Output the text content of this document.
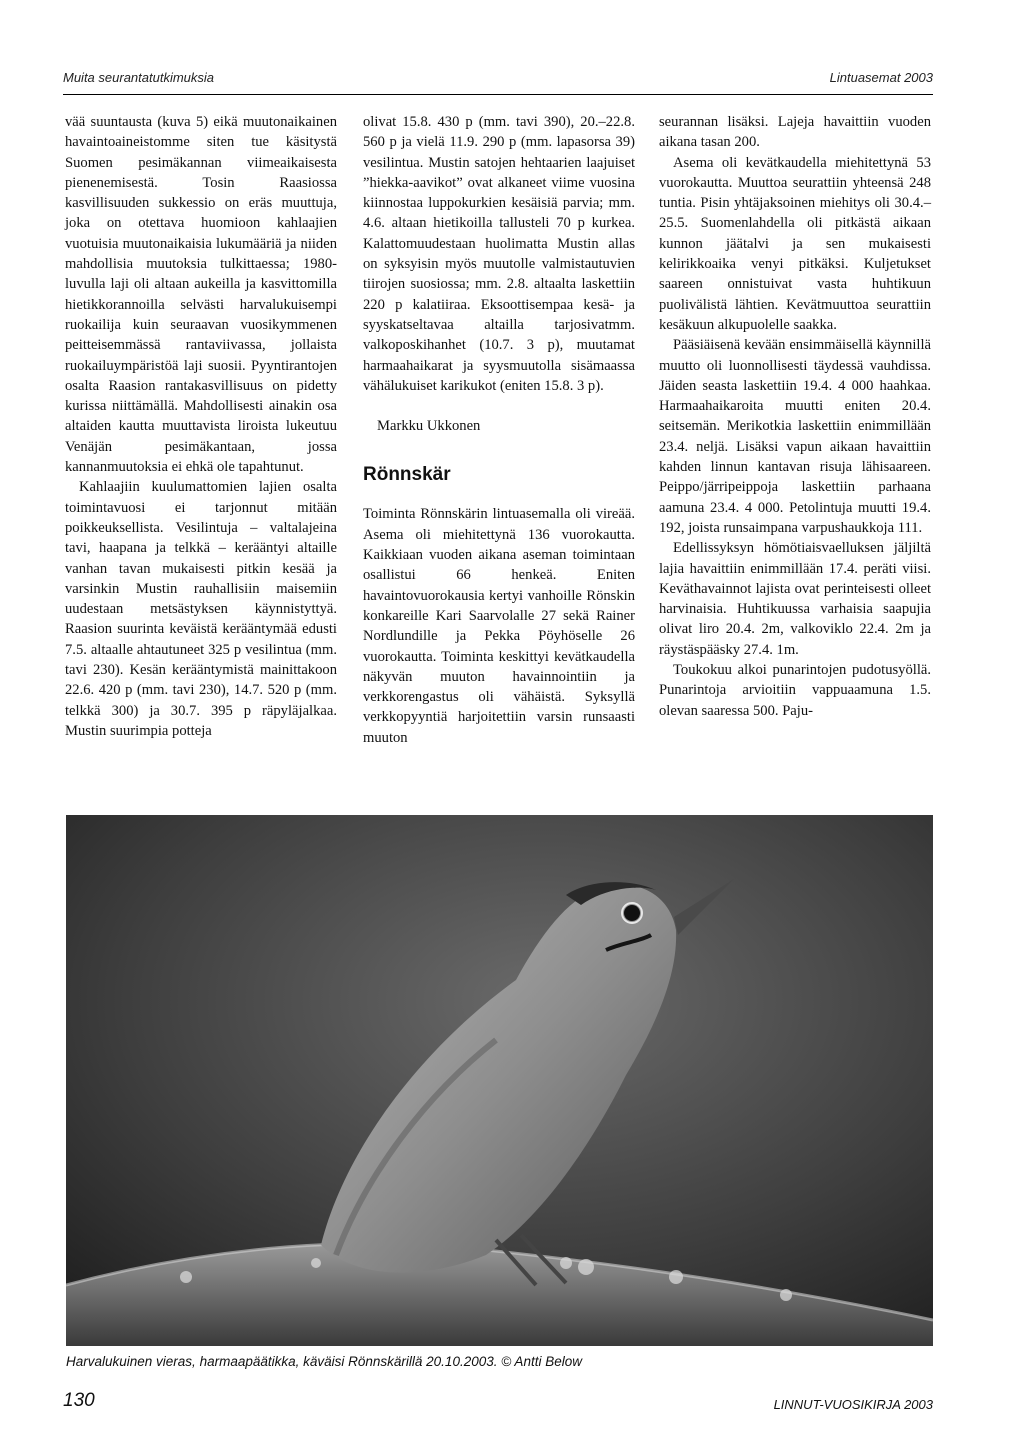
Muita seurantatutkimuksia	Lintuasemat 2003

vää suuntausta (kuva 5) eikä muutonaikainen havaintoaineistomme siten tue käsitystä Suomen pesimäkannan viimeaikaisesta pienenemisestä. Tosin Raasiossa kasvillisuuden sukkessio on eräs muuttuja, joka on otettava huomioon kahlaajien vuotuisia muutonaikaisia lukumääriä ja niiden mahdollisia muutoksia tulkittaessa; 1980-luvulla laji oli altaan aukeilla ja kasvittomilla hietikkorannoilla selvästi harvalukuisempi ruokailija kuin seuraavan vuosikymmenen peitteisemmässä rantaviivassa, jollaista ruokailuympäristöä laji suosii. Pyyntirantojen osalta Raasion rantakasvillisuus on pidetty kurissa niittämällä. Mahdollisesti ainakin osa altaiden kautta muuttavista liroista lukeutuu Venäjän pesimäkantaan, jossa kannanmuutoksia ei ehkä ole tapahtunut.

Kahlaajiin kuulumattomien lajien osalta toimintavuosi ei tarjonnut mitään poikkeuksellista. Vesilintuja – valtalajeina tavi, haapana ja telkkä – kerääntyi altaille vanhan tavan mukaisesti pitkin kesää ja varsinkin Mustin rauhallisiin maisemiin uudestaan metsästyksen käynnistyttyä. Raasion suurinta keväistä kerääntymää edusti 7.5. altaalle ahtautuneet 325 p vesilintua (mm. tavi 230). Kesän kerääntymistä mainittakoon 22.6. 420 p (mm. tavi 230), 14.7. 520 p (mm. telkkä 300) ja 30.7. 395 p räpyläjalkaa. Mustin suurimpia potteja

olivat 15.8. 430 p (mm. tavi 390), 20.–22.8. 560 p ja vielä 11.9. 290 p (mm. lapasorsa 39) vesilintua. Mustin satojen hehtaarien laajuiset ”hiekka-aavikot” ovat alkaneet viime vuosina kiinnostaa luppokurkien kesäisiä parvia; mm. 4.6. altaan hietikoilla tallusteli 70 p kurkea. Kalattomuudestaan huolimatta Mustin allas on syksyisin myös muutolle valmistautuvien tiirojen suosiossa; mm. 2.8. altaalta laskettiin 220 p kalatiiraa. Eksoottisempaa kesä- ja syyskatseltavaa altailla tarjosivatmm. valkoposkihanhet (10.7. 3 p), muutamat harmaahaikarat ja syysmuutolla sisämaassa vähälukuiset karikukot (eniten 15.8. 3 p).

Markku Ukkonen

Rönnskär

Toiminta Rönnskärin lintuasemalla oli vireää. Asema oli miehitettynä 136 vuorokautta. Kaikkiaan vuoden aikana aseman toimintaan osallistui 66 henkeä. Eniten havaintovuorokausia kertyi vanhoille Rönskin konkareille Kari Saarvolalle 27 sekä Rainer Nordlundille ja Pekka Pöyhöselle 26 vuorokautta. Toiminta keskittyi kevätkaudella näkyvän muuton havainnointiin ja verkkorengastus oli vähäistä. Syksyllä verkkopyyntiä harjoitettiin varsin runsaasti muuton

seurannan lisäksi. Lajeja havaittiin vuoden aikana tasan 200.

Asema oli kevätkaudella miehitettynä 53 vuorokautta. Muuttoa seurattiin yhteensä 248 tuntia. Pisin yhtäjaksoinen miehitys oli 30.4.–25.5. Suomenlahdella oli pitkästä aikaan kunnon jäätalvi ja sen mukaisesti kelirikkoaika venyi pitkäksi. Kuljetukset saareen onnistuivat vasta huhtikuun puolivälistä lähtien. Kevätmuuttoa seurattiin kesäkuun alkupuolelle saakka.

Pääsiäisenä kevään ensimmäisellä käynnillä muutto oli luonnollisesti täydessä vauhdissa. Jäiden seasta laskettiin 19.4. 4 000 haahkaa. Harmaahaikaroita muutti eniten 20.4. seitsemän. Merikotkia laskettiin enimmillään 23.4. neljä. Lisäksi vapun aikaan havaittiin kahden linnun kantavan risuja lähisaareen. Peippo/järripeippoja laskettiin parhaana aamuna 23.4. 4 000. Petolintuja muutti 19.4. 192, joista runsaimpana varpushaukkoja 111.

Edellissyksyn hömötiaisvaelluksen jäljiltä lajia havaittiin enimmillään 17.4. peräti viisi. Keväthavainnot lajista ovat perinteisesti olleet harvinaisia. Huhtikuussa varhaisia saapujia olivat liro 20.4. 2m, valkoviklo 22.4. 2m ja räystäspääsky 27.4. 1m.

Toukokuu alkoi punarintojen pudotusyöllä. Punarintoja arvioitiin vappuaamuna 1.5. olevan saaressa 500. Paju-

Harvalukuinen vieras, harmaapäätikka, käväisi Rönnskärillä 20.10.2003. © Antti Below
130	LINNUT-VUOSIKIRJA 2003
